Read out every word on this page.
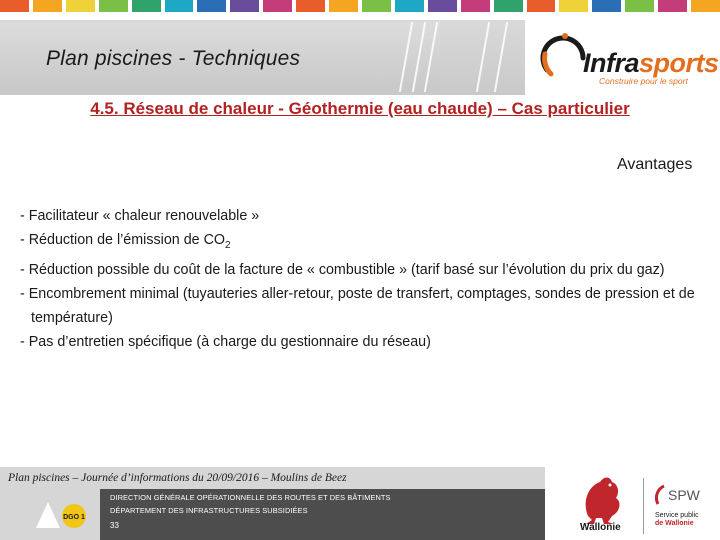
Plan piscines - Techniques	Infrasports
Construire pour le sport
4.5. Réseau de chaleur - Géothermie (eau chaude) – Cas particulier
Avantages
- Facilitateur « chaleur renouvelable »
- Réduction de l’émission de $CO_2$
- Réduction possible du coût de la facture de « combustible » (tarif basé sur l’évolution du prix du gaz)
- Encombrement minimal (tuyauteries aller-retour, poste de transfert, comptages, sondes de pression et de température)
- Pas d’entretien spécifique (à charge du gestionnaire du réseau)
Plan piscines – Journée d’informations du 20/09/2016 – Moulins de Beez
DIRECTION GÉNÉRALE OPÉRATIONNELLE DES ROUTES ET DES BÂTIMENTS
DÉPARTEMENT DES INFRASTRUCTURES SUBSIDIÉES
33
DGO 1
Wallonie
SPW
Service public
de Wallonie
